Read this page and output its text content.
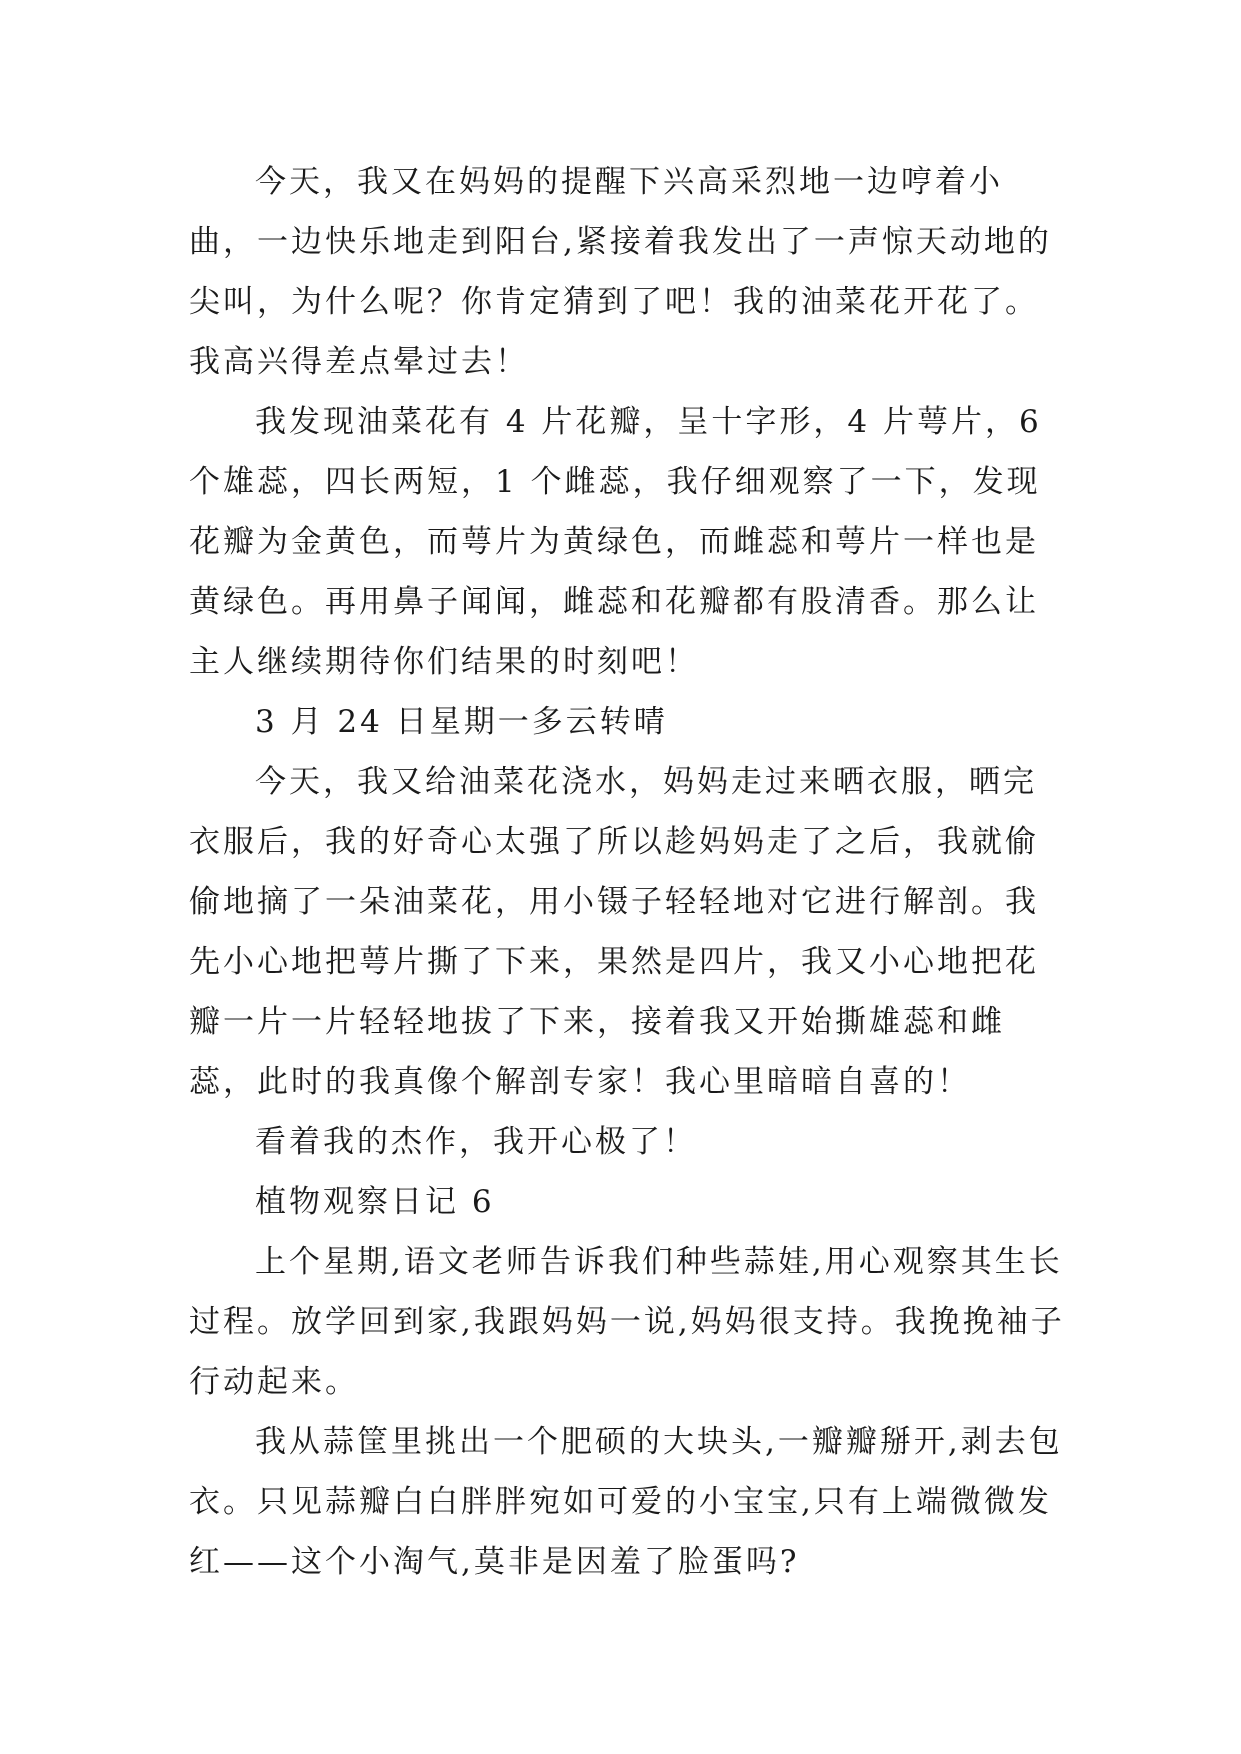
今天，我又在妈妈的提醒下兴高采烈地一边哼着小曲，一边快乐地走到阳台,紧接着我发出了一声惊天动地的尖叫，为什么呢？你肯定猜到了吧！我的油菜花开花了。我高兴得差点晕过去！

我发现油菜花有 4 片花瓣，呈十字形，4 片萼片，6 个雄蕊，四长两短，1 个雌蕊，我仔细观察了一下，发现花瓣为金黄色，而萼片为黄绿色，而雌蕊和萼片一样也是黄绿色。再用鼻子闻闻，雌蕊和花瓣都有股清香。那么让主人继续期待你们结果的时刻吧！

3 月 24 日星期一多云转晴

今天，我又给油菜花浇水，妈妈走过来晒衣服，晒完衣服后，我的好奇心太强了所以趁妈妈走了之后，我就偷偷地摘了一朵油菜花，用小镊子轻轻地对它进行解剖。我先小心地把萼片撕了下来，果然是四片，我又小心地把花瓣一片一片轻轻地拔了下来，接着我又开始撕雄蕊和雌蕊，此时的我真像个解剖专家！我心里暗暗自喜的！

看着我的杰作，我开心极了！

植物观察日记 6

上个星期,语文老师告诉我们种些蒜娃,用心观察其生长过程。放学回到家,我跟妈妈一说,妈妈很支持。我挽挽袖子行动起来。

我从蒜筐里挑出一个肥硕的大块头,一瓣瓣掰开,剥去包衣。只见蒜瓣白白胖胖宛如可爱的小宝宝,只有上端微微发红——这个小淘气,莫非是因羞了脸蛋吗?
